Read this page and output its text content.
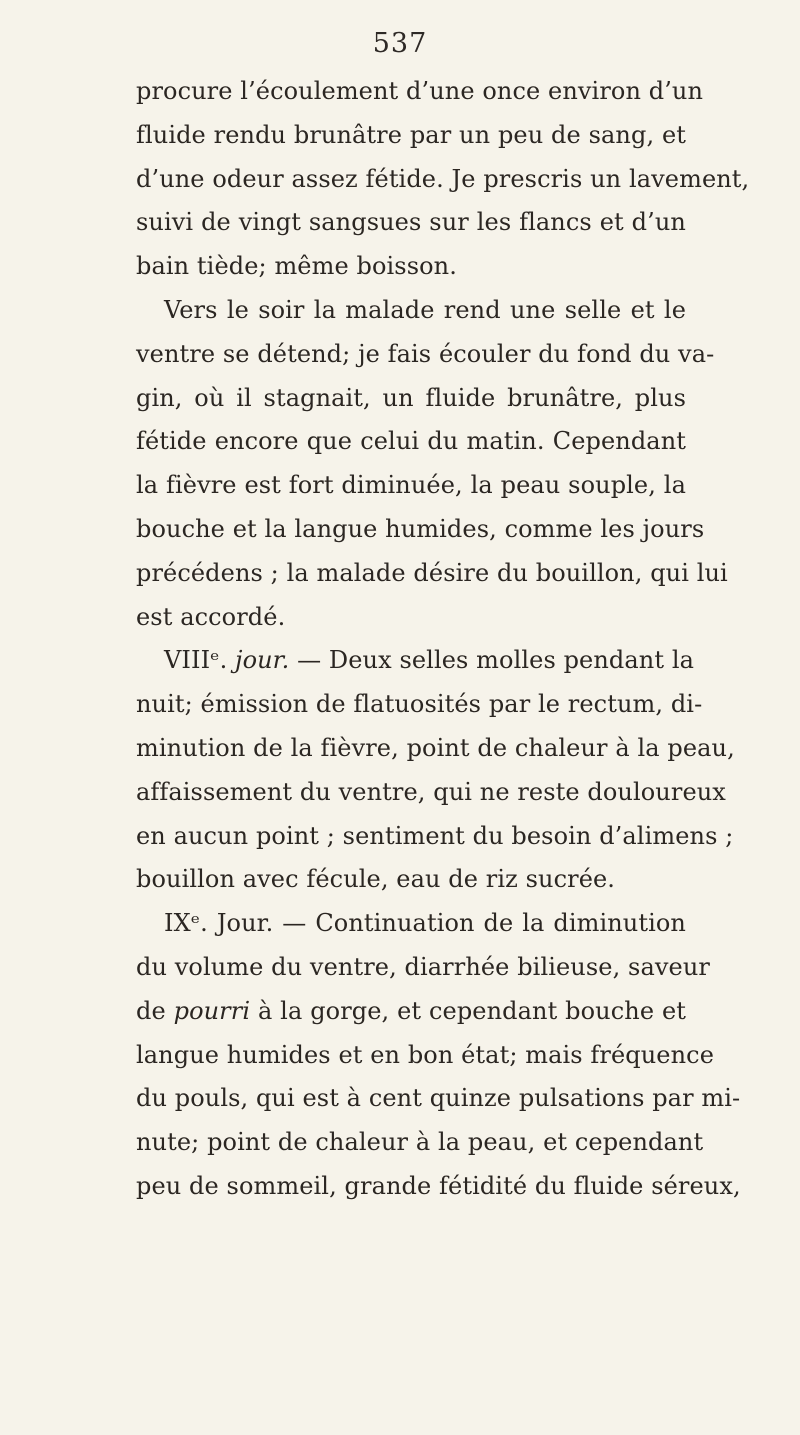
537
procure l’écoulement d’une once environ d’un
fluide rendu brunâtre par un peu de sang, et
d’une odeur assez fétide. Je prescris un lavement,
suivi de vingt sangsues sur les flancs et d’un
bain tiède; même boisson.
Vers le soir la malade rend une selle et le
ventre se détend; je fais écouler du fond du va-
gin, où il stagnait, un fluide brunâtre, plus
fétide encore que celui du matin. Cependant
la fièvre est fort diminuée, la peau souple, la
bouche et la langue humides, comme les jours
précédens ; la malade désire du bouillon, qui lui
est accordé.
VIIIᵉ. jour. — Deux selles molles pendant la
nuit; émission de flatuosités par le rectum, di-
minution de la fièvre, point de chaleur à la peau,
affaissement du ventre, qui ne reste douloureux
en aucun point ; sentiment du besoin d’alimens ;
bouillon avec fécule, eau de riz sucrée.
IXᵉ. Jour. — Continuation de la diminution
du volume du ventre, diarrhée bilieuse, saveur
de pourri à la gorge, et cependant bouche et
langue humides et en bon état; mais fréquence
du pouls, qui est à cent quinze pulsations par mi-
nute; point de chaleur à la peau, et cependant
peu de sommeil, grande fétidité du fluide séreux,
